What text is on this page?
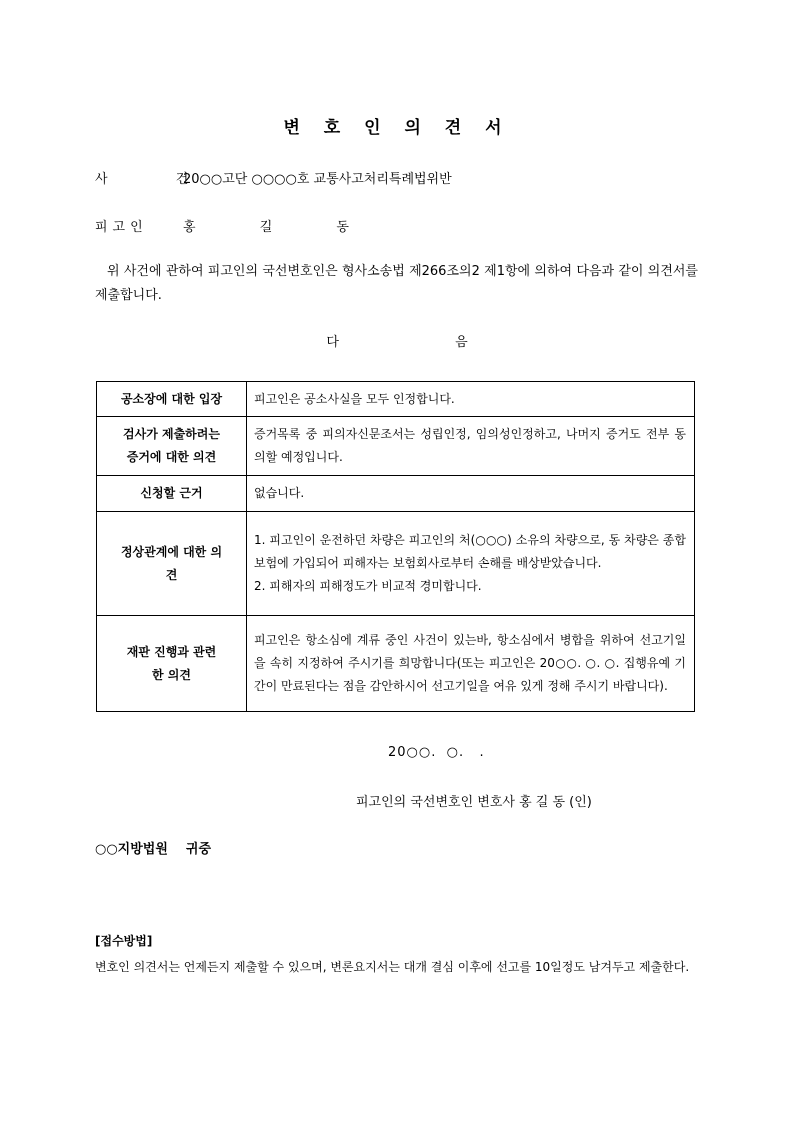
변 호 인 의 견 서
사 건
20○○고단 ○○○○호 교통사고처리특례법위반
피고인	홍 길 동
위 사건에 관하여 피고인의 국선변호인은 형사소송법 제266조의2 제1항에 의하여 다음과 같이 의견서를 제출합니다.
다 음
공소장에 대한 입장	피고인은 공소사실을 모두 인정합니다.

검사가 제출하려는 증거에 대한 의견	증거목록 중 피의자신문조서는 성립인정, 임의성인정하고, 나머지 증거도 전부 동의할 예정입니다.

신청할 근거	없습니다.

정상관계에 대한 의견	1. 피고인이 운전하던 차량은 피고인의 처(○○○) 소유의 차량으로, 동 차량은 종합보험에 가입되어 피해자는 보험회사로부터 손해를 배상받았습니다.
2. 피해자의 피해정도가 비교적 경미합니다.

재판 진행과 관련한 의견	피고인은 항소심에 계류 중인 사건이 있는바, 항소심에서 병합을 위하여 선고기일을 속히 지정하여 주시기를 희망합니다(또는 피고인은 20○○. ○. ○. 집행유예 기간이 만료된다는 점을 감안하시어 선고기일을 여유 있게 정해 주시기 바랍니다).
20○○.  ○.   .
피고인의 국선변호인 변호사 홍 길 동 (인)
○○지방법원 귀중
[접수방법]
변호인 의견서는 언제든지 제출할 수 있으며, 변론요지서는 대개 결심 이후에 선고를 10일정도 남겨두고 제출한다.
